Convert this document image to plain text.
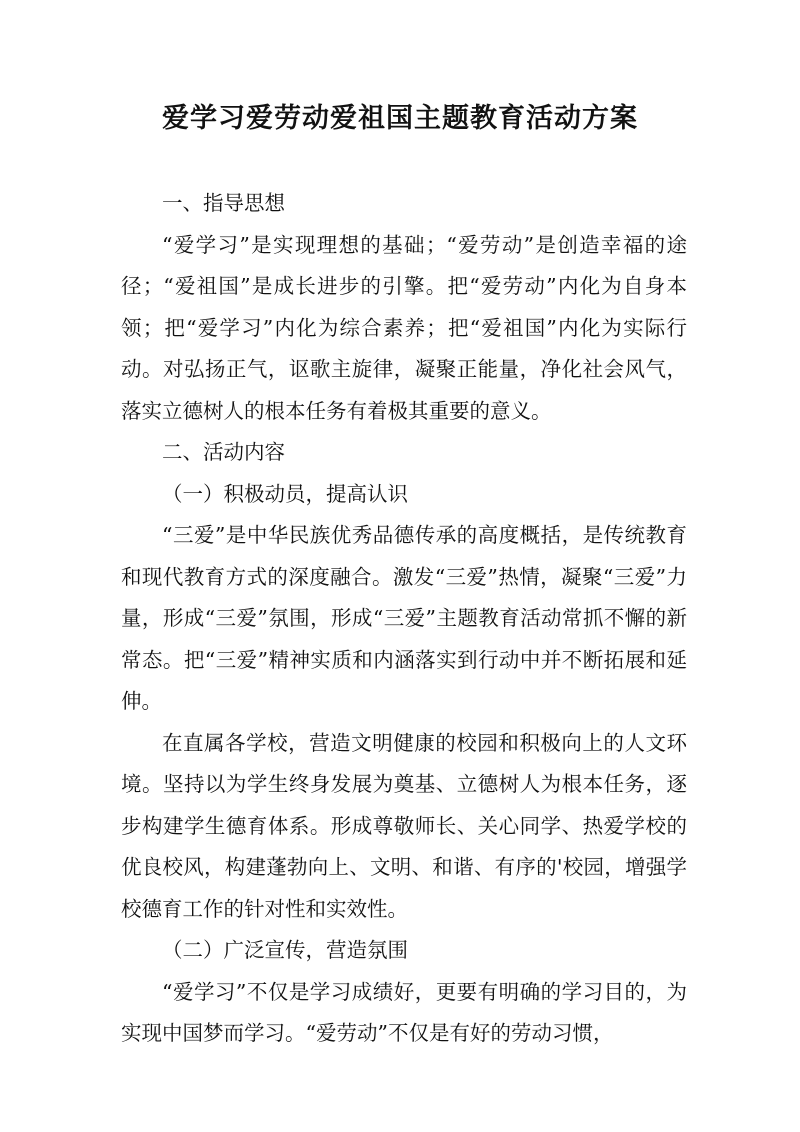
爱学习爱劳动爱祖国主题教育活动方案

一、指导思想

“爱学习”是实现理想的基础；“爱劳动”是创造幸福的途径；“爱祖国”是成长进步的引擎。把“爱劳动”内化为自身本领；把“爱学习”内化为综合素养；把“爱祖国”内化为实际行动。对弘扬正气，讴歌主旋律，凝聚正能量，净化社会风气，落实立德树人的根本任务有着极其重要的意义。

二、活动内容

（一）积极动员，提高认识

“三爱”是中华民族优秀品德传承的高度概括，是传统教育和现代教育方式的深度融合。激发“三爱”热情，凝聚“三爱”力量，形成“三爱”氛围，形成“三爱”主题教育活动常抓不懈的新常态。把“三爱”精神实质和内涵落实到行动中并不断拓展和延伸。

在直属各学校，营造文明健康的校园和积极向上的人文环境。坚持以为学生终身发展为奠基、立德树人为根本任务，逐步构建学生德育体系。形成尊敬师长、关心同学、热爱学校的优良校风，构建蓬勃向上、文明、和谐、有序的'校园，增强学校德育工作的针对性和实效性。

（二）广泛宣传，营造氛围

“爱学习”不仅是学习成绩好，更要有明确的学习目的，为实现中国梦而学习。“爱劳动”不仅是有好的劳动习惯，
